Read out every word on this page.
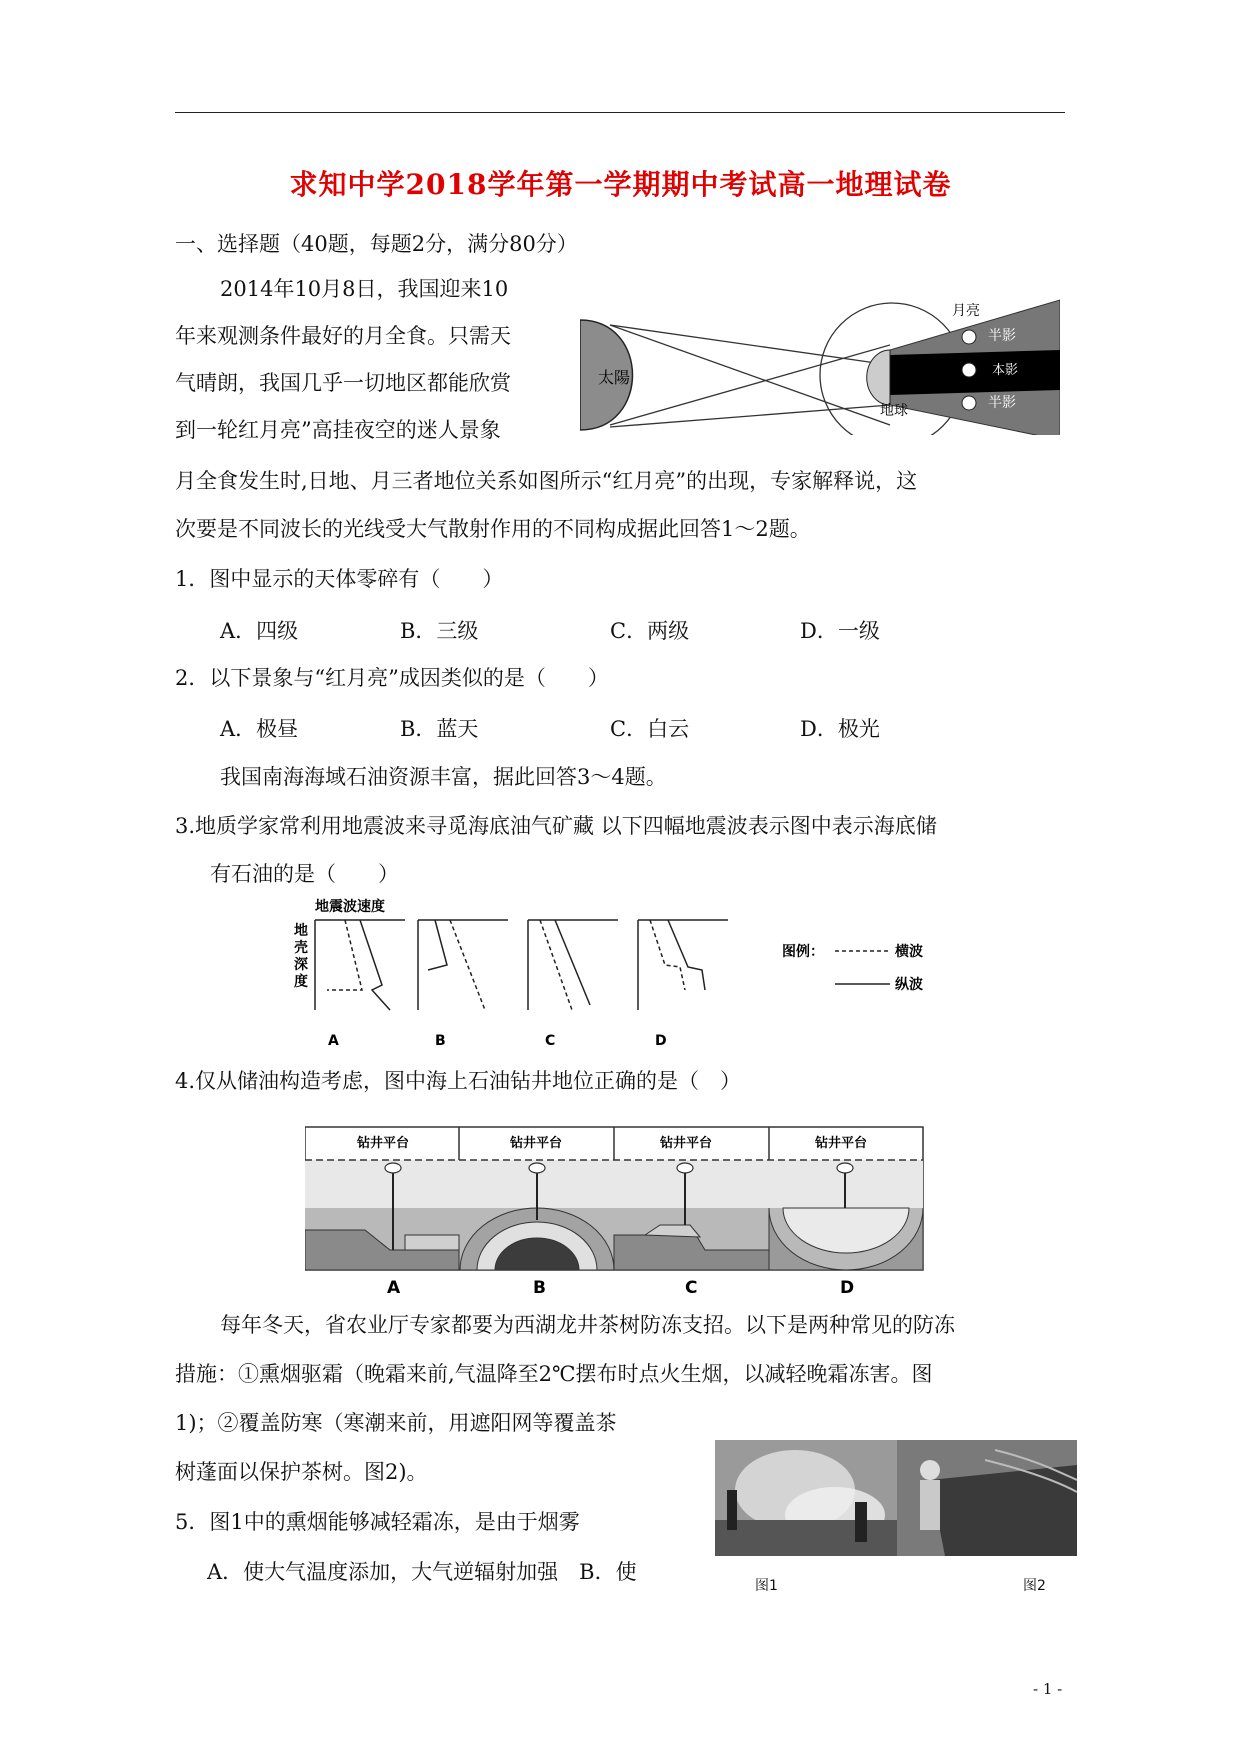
求知中学2018学年第一学期期中考试高一地理试卷
一、选择题（40题，每题2分，满分80分）
2014年10月8日，我国迎来10
年来观测条件最好的月全食。只需天
气晴朗，我国几乎一切地区都能欣赏
到一轮红月亮”高挂夜空的迷人景象
月全食发生时,日地、月三者地位关系如图所示“红月亮”的出现，专家解释说，这
次要是不同波长的光线受大气散射作用的不同构成据此回答1～2题。
太陽
月亮
地球
半影
本影
半影
1．图中显示的天体零碎有（　　）
A．四级	B．三级	C．两级	D．一级
2．以下景象与“红月亮”成因类似的是（　　）
A．极昼	B．蓝天	C．白云	D．极光
我国南海海域石油资源丰富，据此回答3～4题。
3.地质学家常利用地震波来寻觅海底油气矿藏 以下四幅地震波表示图中表示海底储
有石油的是（　　）
地震波速度
地
壳
深
度
A	B	C	D
图例：	横波
纵波
4.仅从储油构造考虑，图中海上石油钻井地位正确的是（　）
钻井平台	钻井平台	钻井平台	钻井平台
A	B	C	D
每年冬天，省农业厅专家都要为西湖龙井茶树防冻支招。以下是两种常见的防冻
措施：①熏烟驱霜（晚霜来前,气温降至2℃摆布时点火生烟，以减轻晚霜冻害。图
1)；②覆盖防寒（寒潮来前，用遮阳网等覆盖茶
树蓬面以保护茶树。图2)。
图1	图2
5．图1中的熏烟能够减轻霜冻，是由于烟雾
A．使大气温度添加，大气逆辐射加强　B．使
- 1 -
